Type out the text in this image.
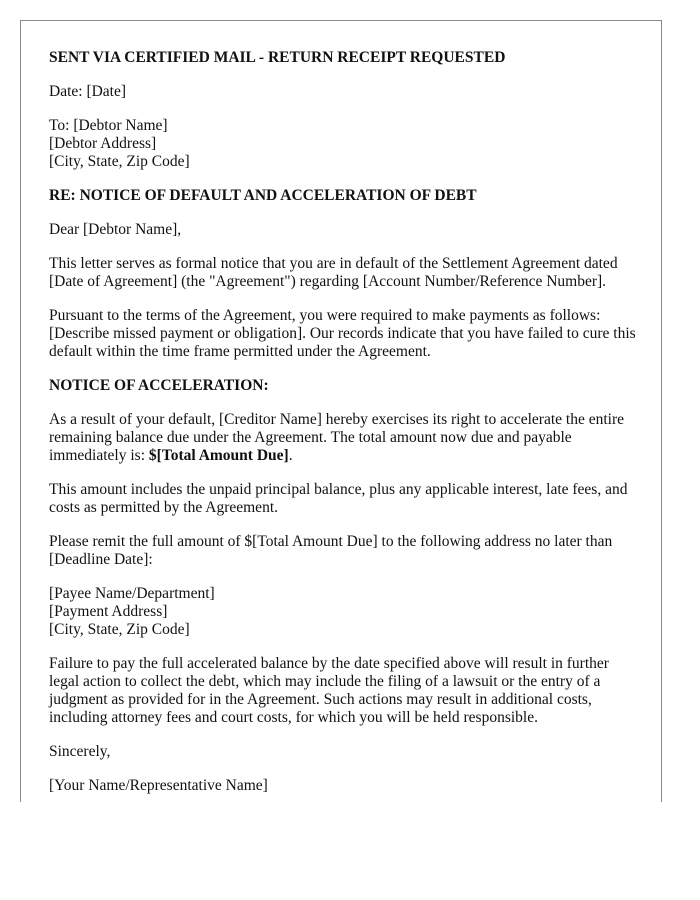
SENT VIA CERTIFIED MAIL - RETURN RECEIPT REQUESTED

Date: [Date]

To: [Debtor Name]
[Debtor Address]
[City, State, Zip Code]

RE: NOTICE OF DEFAULT AND ACCELERATION OF DEBT

Dear [Debtor Name],

This letter serves as formal notice that you are in default of the Settlement Agreement dated [Date of Agreement] (the "Agreement") regarding [Account Number/Reference Number].

Pursuant to the terms of the Agreement, you were required to make payments as follows: [Describe missed payment or obligation]. Our records indicate that you have failed to cure this default within the time frame permitted under the Agreement.

NOTICE OF ACCELERATION:

As a result of your default, [Creditor Name] hereby exercises its right to accelerate the entire remaining balance due under the Agreement. The total amount now due and payable immediately is: $[Total Amount Due].

This amount includes the unpaid principal balance, plus any applicable interest, late fees, and costs as permitted by the Agreement.

Please remit the full amount of $[Total Amount Due] to the following address no later than [Deadline Date]:

[Payee Name/Department]
[Payment Address]
[City, State, Zip Code]

Failure to pay the full accelerated balance by the date specified above will result in further legal action to collect the debt, which may include the filing of a lawsuit or the entry of a judgment as provided for in the Agreement. Such actions may result in additional costs, including attorney fees and court costs, for which you will be held responsible.

Sincerely,

[Your Name/Representative Name]
